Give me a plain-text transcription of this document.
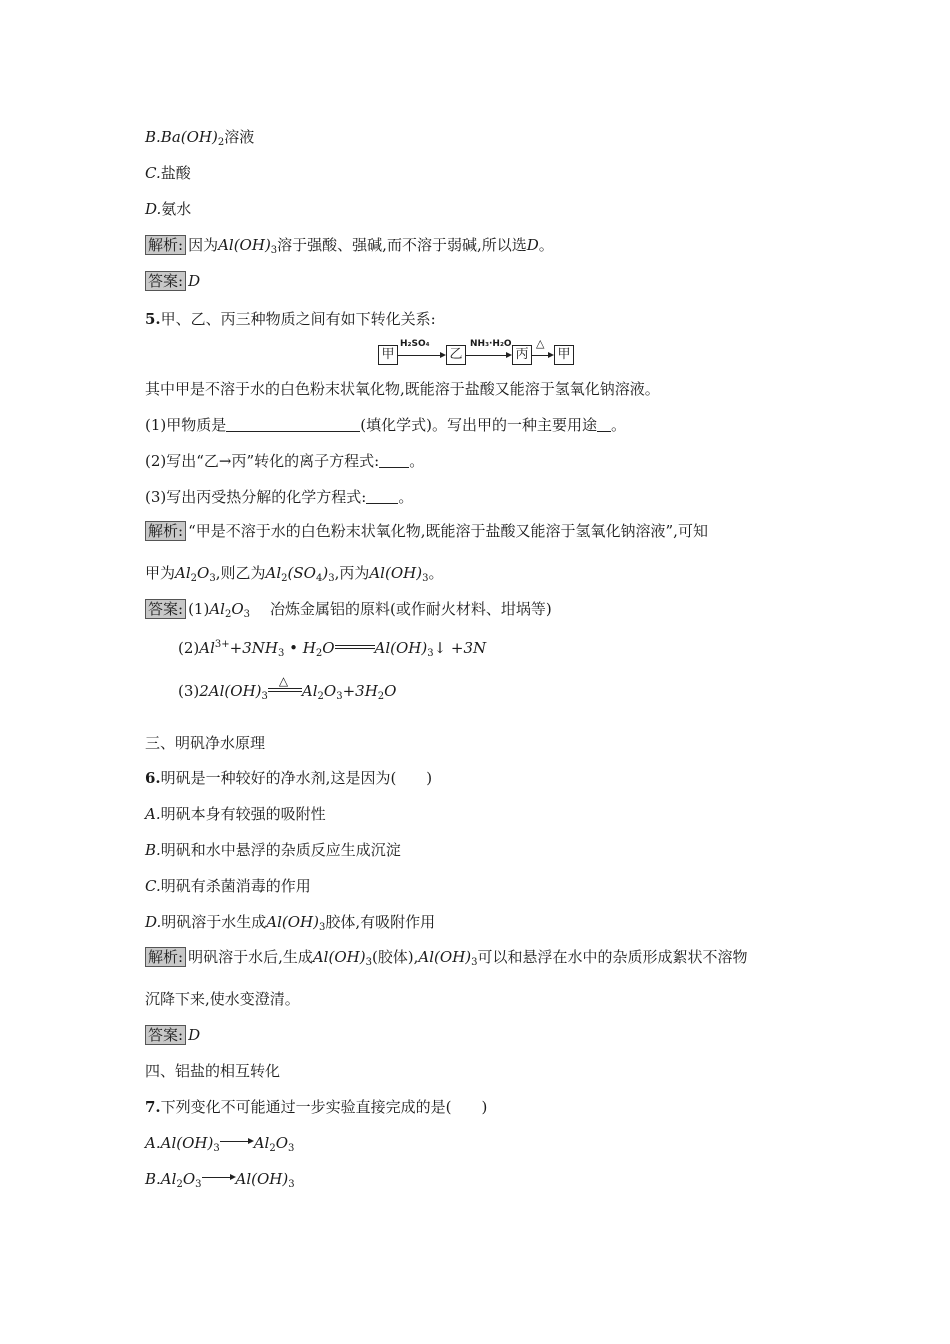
$B.Ba(OH)_2$溶液
C.盐酸
D.氨水
解析: 因为$Al(OH)_3$溶于强酸、强碱,而不溶于弱碱,所以选D。
答案: D
5.甲、乙、丙三种物质之间有如下转化关系:
甲
H₂SO₄
乙
NH₃·H₂O
丙
△
甲
其中甲是不溶于水的白色粉末状氧化物,既能溶于盐酸又能溶于氢氧化钠溶液。
(1)甲物质是	(填化学式)。写出甲的一种主要用途 。
(2)写出“乙→丙”转化的离子方程式: 。
(3)写出丙受热分解的化学方程式: 。
解析: “甲是不溶于水的白色粉末状氧化物,既能溶于盐酸又能溶于氢氧化钠溶液”,可知
甲为$Al_2O_3$,则乙为$Al_2(SO_4)_3$,丙为$Al(OH)_3$。
答案: $(1)Al_2O_3$ 冶炼金属铝的原料(或作耐火材料、坩埚等)
$(2)Al^{3+}+3NH_3$ • $H_2O$	$Al(OH)_3↓ +3N$
$(3)2Al(OH)_3$
△
$Al_2O_3+3H_2O$
三、明矾净水原理
6.明矾是一种较好的净水剂,这是因为(　　)
A.明矾本身有较强的吸附性
B.明矾和水中悬浮的杂质反应生成沉淀
C.明矾有杀菌消毒的作用
D.明矾溶于水生成$Al(OH)_3$胶体,有吸附作用
解析: 明矾溶于水后,生成$Al(OH)_3$(胶体)$,Al(OH)_3$可以和悬浮在水中的杂质形成絮状不溶物
沉降下来,使水变澄清。
答案: D
四、铝盐的相互转化
7.下列变化不可能通过一步实验直接完成的是(　　)
$A.Al(OH)_3$ $Al_2O_3$
$B.Al_2O_3$ $Al(OH)_3$
